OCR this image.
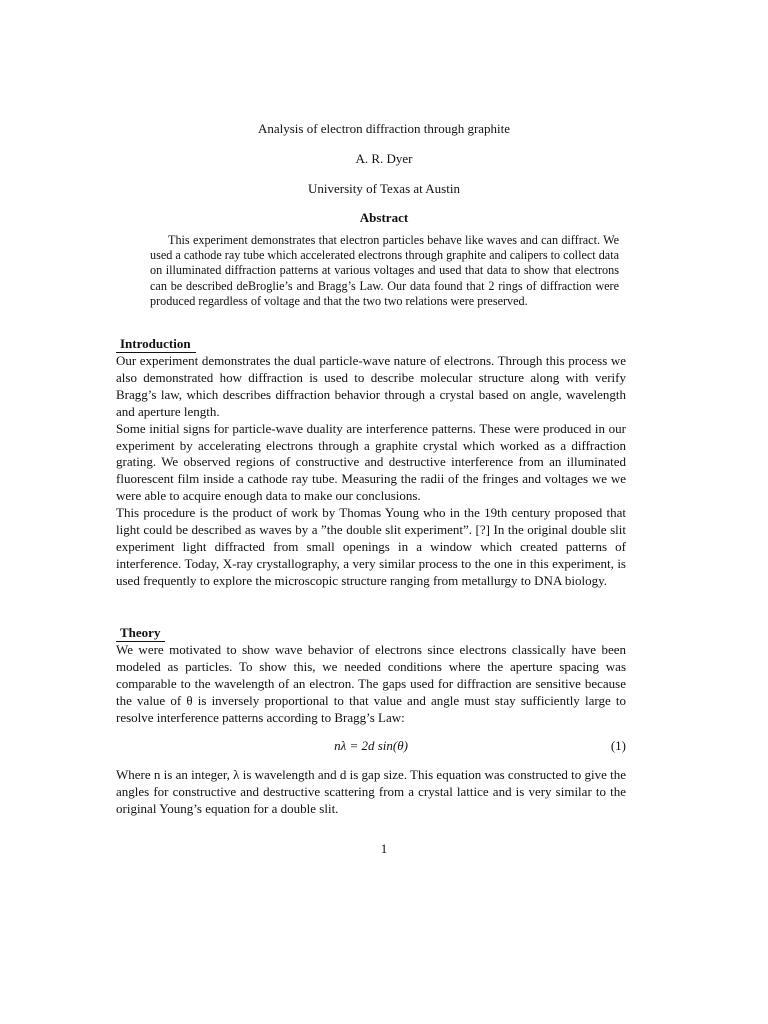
Analysis of electron diffraction through graphite
A. R. Dyer
University of Texas at Austin
Abstract
This experiment demonstrates that electron particles behave like waves and can diffract. We used a cathode ray tube which accelerated electrons through graphite and calipers to collect data on illuminated diffraction patterns at various voltages and used that data to show that electrons can be described deBroglie’s and Bragg’s Law. Our data found that 2 rings of diffraction were produced regardless of voltage and that the two two relations were preserved.
Introduction

Our experiment demonstrates the dual particle-wave nature of electrons. Through this process we also demonstrated how diffraction is used to describe molecular structure along with verify Bragg’s law, which describes diffraction behavior through a crystal based on angle, wavelength and aperture length.

Some initial signs for particle-wave duality are interference patterns. These were produced in our experiment by accelerating electrons through a graphite crystal which worked as a diffraction grating. We observed regions of constructive and destructive interference from an illuminated fluorescent film inside a cathode ray tube. Measuring the radii of the fringes and voltages we we were able to acquire enough data to make our conclusions.

This procedure is the product of work by Thomas Young who in the 19th century proposed that light could be described as waves by a ”the double slit experiment”. [?] In the original double slit experiment light diffracted from small openings in a window which created patterns of interference. Today, X-ray crystallography, a very similar process to the one in this experiment, is used frequently to explore the microscopic structure ranging from metallurgy to DNA biology.

Theory

We were motivated to show wave behavior of electrons since electrons classically have been modeled as particles. To show this, we needed conditions where the aperture spacing was comparable to the wavelength of an electron. The gaps used for diffraction are sensitive because the value of θ is inversely proportional to that value and angle must stay sufficiently large to resolve interference patterns according to Bragg’s Law:

nλ = 2d sin(θ)	(1)
Where n is an integer, λ is wavelength and d is gap size. This equation was constructed to give the angles for constructive and destructive scattering from a crystal lattice and is very similar to the original Young’s equation for a double slit.
1
